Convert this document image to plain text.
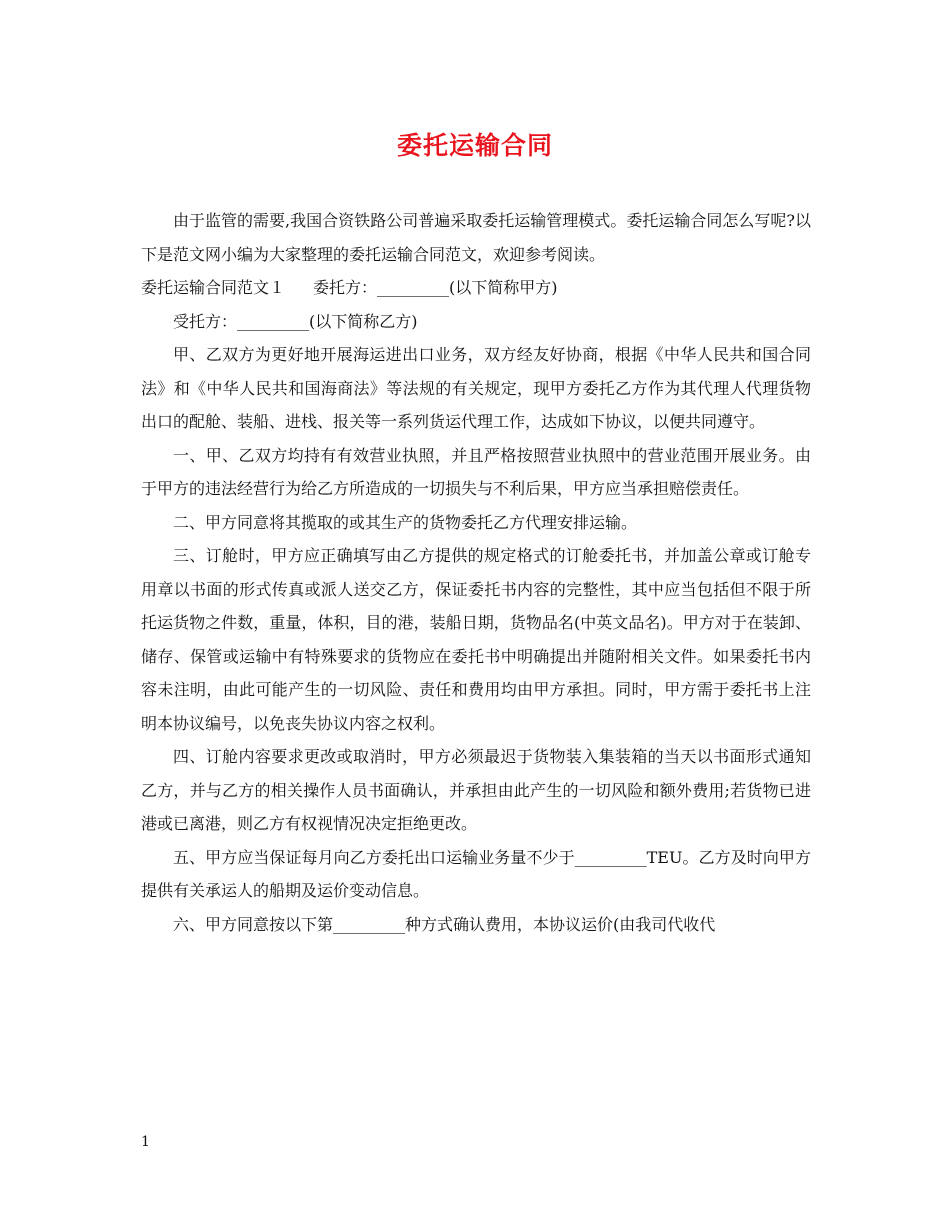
委托运输合同

由于监管的需要,我国合资铁路公司普遍采取委托运输管理模式。委托运输合同怎么写呢?以下是范文网小编为大家整理的委托运输合同范文，欢迎参考阅读。

委托运输合同范文１ 委托方：_________(以下简称甲方)

受托方：_________(以下简称乙方)

甲、乙双方为更好地开展海运进出口业务，双方经友好协商，根据《中华人民共和国合同法》和《中华人民共和国海商法》等法规的有关规定，现甲方委托乙方作为其代理人代理货物出口的配舱、装船、进栈、报关等一系列货运代理工作，达成如下协议，以便共同遵守。

一、甲、乙双方均持有有效营业执照，并且严格按照营业执照中的营业范围开展业务。由于甲方的违法经营行为给乙方所造成的一切损失与不利后果，甲方应当承担赔偿责任。

二、甲方同意将其揽取的或其生产的货物委托乙方代理安排运输。

三、订舱时，甲方应正确填写由乙方提供的规定格式的订舱委托书，并加盖公章或订舱专用章以书面的形式传真或派人送交乙方，保证委托书内容的完整性，其中应当包括但不限于所托运货物之件数，重量，体积，目的港，装船日期，货物品名(中英文品名)。甲方对于在装卸、储存、保管或运输中有特殊要求的货物应在委托书中明确提出并随附相关文件。如果委托书内容未注明，由此可能产生的一切风险、责任和费用均由甲方承担。同时，甲方需于委托书上注明本协议编号，以免丧失协议内容之权利。

四、订舱内容要求更改或取消时，甲方必须最迟于货物装入集装箱的当天以书面形式通知乙方，并与乙方的相关操作人员书面确认，并承担由此产生的一切风险和额外费用;若货物已进港或已离港，则乙方有权视情况决定拒绝更改。

五、甲方应当保证每月向乙方委托出口运输业务量不少于_________TEU。乙方及时向甲方提供有关承运人的船期及运价变动信息。

六、甲方同意按以下第_________种方式确认费用，本协议运价(由我司代收代

1
